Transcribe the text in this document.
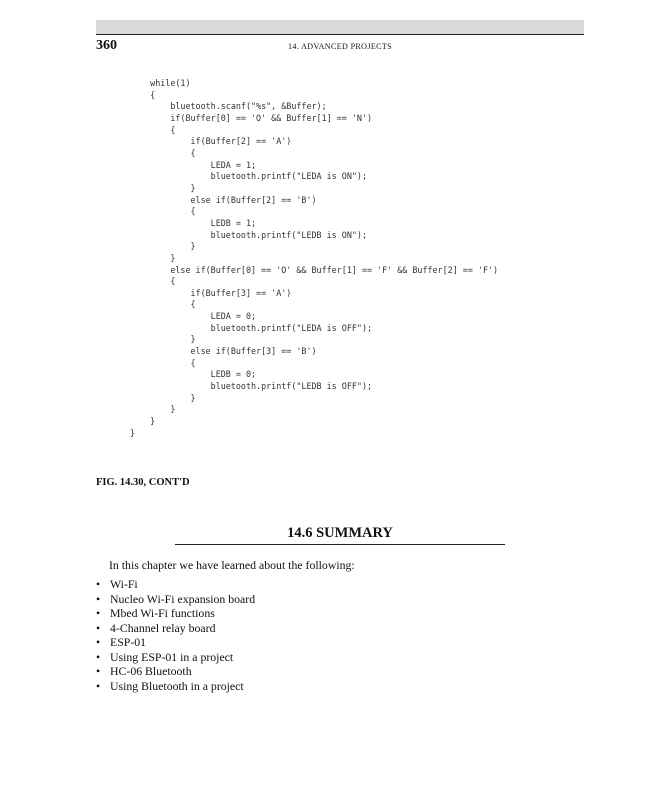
360	14. ADVANCED PROJECTS
while(1)
{
bluetooth.scanf("%s", &Buffer);
if(Buffer[0] == 'O' && Buffer[1] == 'N')
{
if(Buffer[2] == 'A')
{
LEDA = 1;
bluetooth.printf("LEDA is ON");
}
else if(Buffer[2] == 'B')
{
LEDB = 1;
bluetooth.printf("LEDB is ON");
}
}
else if(Buffer[0] == 'O' && Buffer[1] == 'F' && Buffer[2] == 'F')
{
if(Buffer[3] == 'A')
{
LEDA = 0;
bluetooth.printf("LEDA is OFF");
}
else if(Buffer[3] == 'B')
{
LEDB = 0;
bluetooth.printf("LEDB is OFF");
}
}
}
}
FIG. 14.30, CONT'D
14.6 SUMMARY
In this chapter we have learned about the following:
• Wi-Fi
• Nucleo Wi-Fi expansion board
• Mbed Wi-Fi functions
• 4-Channel relay board
• ESP-01
• Using ESP-01 in a project
• HC-06 Bluetooth
• Using Bluetooth in a project
